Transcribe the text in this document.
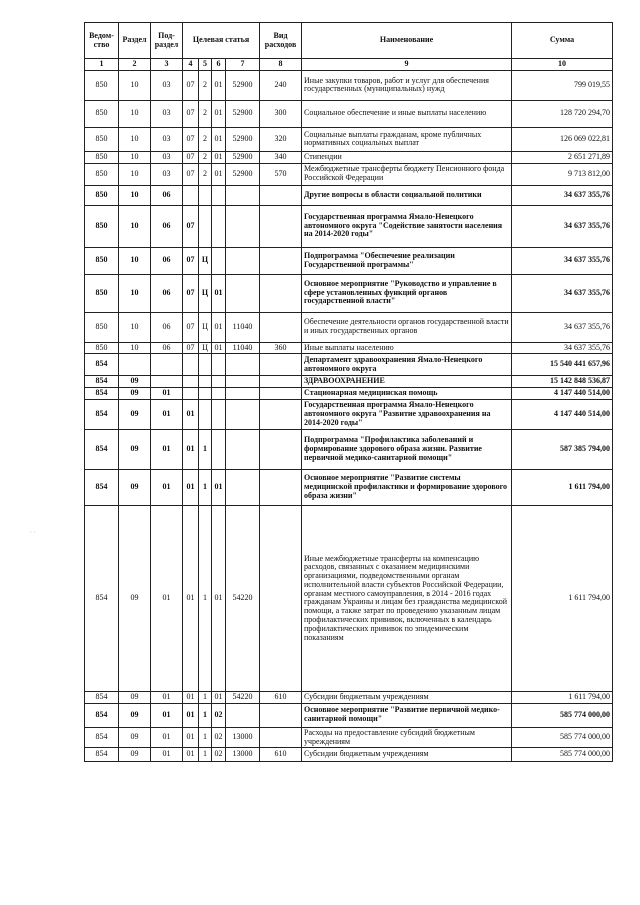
· ·
Ведом-ство	Раздел	Под-раздел	Целевая статья				Вид расходов	Наименование	Сумма
1	2	3	4	5	6	7	8	9	10
850	10	03	07	2	01	52900	240	Иные закупки товаров, работ и услуг для обеспечения государственных (муниципальных) нужд	799 019,55
850	10	03	07	2	01	52900	300	Социальное обеспечение и иные выплаты населению	128 720 294,70
850	10	03	07	2	01	52900	320	Социальные выплаты гражданам, кроме публичных нормативных социальных выплат	126 069 022,81
850	10	03	07	2	01	52900	340	Стипендии	2 651 271,89
850	10	03	07	2	01	52900	570	Межбюджетные трансферты бюджету Пенсионного фонда Российской Федерации	9 713 812,00
850	10	06						Другие вопросы в области социальной политики	34 637 355,76
850	10	06	07					Государственная программа Ямало-Ненецкого автономного округа "Содействие занятости населения на 2014-2020 годы"	34 637 355,76
850	10	06	07	Ц				Подпрограмма "Обеспечение реализации Государственной программы"	34 637 355,76
850	10	06	07	Ц	01			Основное мероприятие "Руководство и управление в сфере установленных функций органов государственной власти"	34 637 355,76
850	10	06	07	Ц	01	11040		Обеспечение деятельности органов государственной власти и иных государственных органов	34 637 355,76
850	10	06	07	Ц	01	11040	360	Иные выплаты населению	34 637 355,76
854								Департамент здравоохранения Ямало-Ненецкого автономного округа	15 540 441 657,96
854	09							ЗДРАВООХРАНЕНИЕ	15 142 848 536,87
854	09	01						Стационарная медицинская помощь	4 147 440 514,00
854	09	01	01					Государственная программа Ямало-Ненецкого автономного округа "Развитие здравоохранения на 2014-2020 годы"	4 147 440 514,00
854	09	01	01	1				Подпрограмма "Профилактика заболеваний и формирование здорового образа жизни. Развитие первичной медико-санитарной помощи"	587 385 794,00
854	09	01	01	1	01			Основное мероприятие "Развитие системы медицинской профилактики и формирование здорового образа жизни"	1 611 794,00
854	09	01	01	1	01	54220		Иные межбюджетные трансферты на компенсацию расходов, связанных с оказанием медицинскими организациями, подведомственными органам исполнительной власти субъектов Российской Федерации, органам местного самоуправления, в 2014 - 2016 годах гражданам Украины и лицам без гражданства медицинской помощи, а также затрат по проведению указанным лицам профилактических прививок, включенных в календарь профилактических прививок по эпидемическим показаниям	1 611 794,00
854	09	01	01	1	01	54220	610	Субсидии бюджетным учреждениям	1 611 794,00
854	09	01	01	1	02			Основное мероприятие "Развитие первичной медико-санитарной помощи"	585 774 000,00
854	09	01	01	1	02	13000		Расходы на предоставление субсидий бюджетным учреждениям	585 774 000,00
854	09	01	01	1	02	13000	610	Субсидии бюджетным учреждениям	585 774 000,00
